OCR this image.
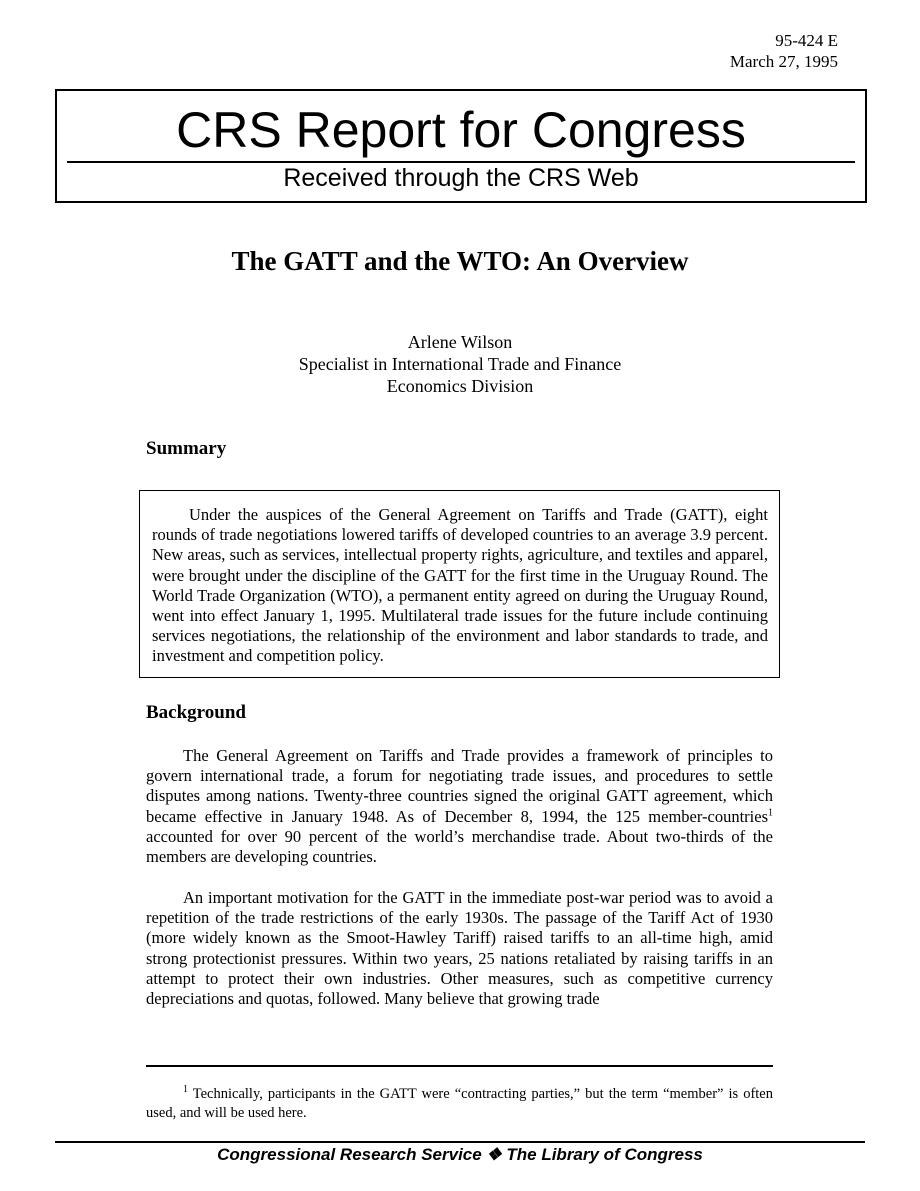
95-424 E
March 27, 1995
CRS Report for Congress
Received through the CRS Web
The GATT and the WTO: An Overview
Arlene Wilson
Specialist in International Trade and Finance
Economics Division
Summary
Under the auspices of the General Agreement on Tariffs and Trade (GATT), eight rounds of trade negotiations lowered tariffs of developed countries to an average 3.9 percent. New areas, such as services, intellectual property rights, agriculture, and textiles and apparel, were brought under the discipline of the GATT for the first time in the Uruguay Round. The World Trade Organization (WTO), a permanent entity agreed on during the Uruguay Round, went into effect January 1, 1995. Multilateral trade issues for the future include continuing services negotiations, the relationship of the environment and labor standards to trade, and investment and competition policy.
Background
The General Agreement on Tariffs and Trade provides a framework of principles to govern international trade, a forum for negotiating trade issues, and procedures to settle disputes among nations. Twenty-three countries signed the original GATT agreement, which became effective in January 1948. As of December 8, 1994, the 125 member-countries$^1$ accounted for over 90 percent of the world’s merchandise trade. About two-thirds of the members are developing countries.
An important motivation for the GATT in the immediate post-war period was to avoid a repetition of the trade restrictions of the early 1930s. The passage of the Tariff Act of 1930 (more widely known as the Smoot-Hawley Tariff) raised tariffs to an all-time high, amid strong protectionist pressures. Within two years, 25 nations retaliated by raising tariffs in an attempt to protect their own industries. Other measures, such as competitive currency depreciations and quotas, followed. Many believe that growing trade
$^1$ Technically, participants in the GATT were “contracting parties,” but the term “member” is often used, and will be used here.
Congressional Research Service ❖ The Library of Congress
